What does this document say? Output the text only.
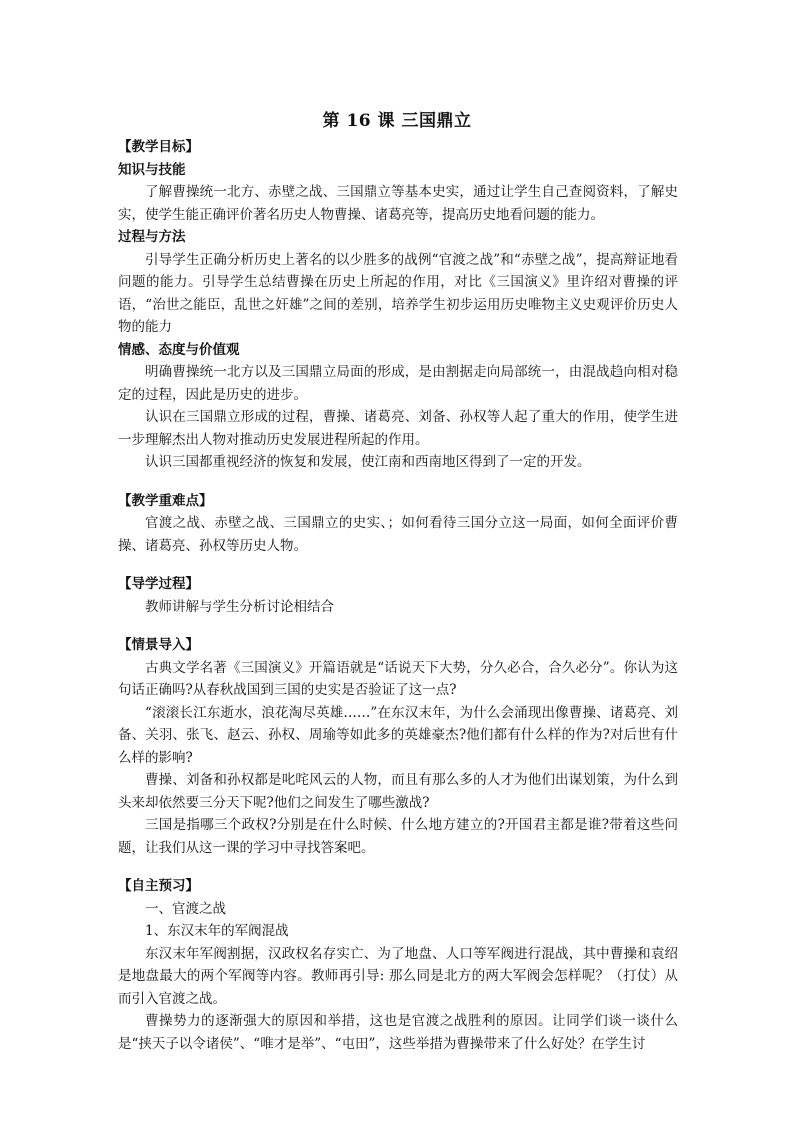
第 16 课 三国鼎立

【教学目标】

知识与技能

了解曹操统一北方、赤壁之战、三国鼎立等基本史实，通过让学生自己查阅资料，了解史实，使学生能正确评价著名历史人物曹操、诸葛亮等，提高历史地看问题的能力。

过程与方法

引导学生正确分析历史上著名的以少胜多的战例“官渡之战”和“赤壁之战”，提高辩证地看问题的能力。引导学生总结曹操在历史上所起的作用，对比《三国演义》里许绍对曹操的评语，“治世之能臣，乱世之奸雄”之间的差别，培养学生初步运用历史唯物主义史观评价历史人物的能力

情感、态度与价值观

明确曹操统一北方以及三国鼎立局面的形成，是由割据走向局部统一，由混战趋向相对稳定的过程，因此是历史的进步。

认识在三国鼎立形成的过程，曹操、诸葛亮、刘备、孙权等人起了重大的作用，使学生进一步理解杰出人物对推动历史发展进程所起的作用。

认识三国都重视经济的恢复和发展，使江南和西南地区得到了一定的开发。

【教学重难点】

官渡之战、赤壁之战、三国鼎立的史实、；如何看待三国分立这一局面，如何全面评价曹操、诸葛亮、孙权等历史人物。

【导学过程】

教师讲解与学生分析讨论相结合

【情景导入】

古典文学名著《三国演义》开篇语就是“话说天下大势，分久必合，合久必分”。你认为这句话正确吗?从春秋战国到三国的史实是否验证了这一点?

“滚滚长江东逝水，浪花淘尽英雄……”在东汉末年，为什么会涌现出像曹操、诸葛亮、刘备、关羽、张飞、赵云、孙权、周瑜等如此多的英雄豪杰?他们都有什么样的作为?对后世有什么样的影响?

曹操、刘备和孙权都是叱咤风云的人物，而且有那么多的人才为他们出谋划策，为什么到头来却依然要三分天下呢?他们之间发生了哪些激战?

三国是指哪三个政权?分别是在什么时候、什么地方建立的?开国君主都是谁?带着这些问题，让我们从这一课的学习中寻找答案吧。

【自主预习】

一、官渡之战

1、东汉末年的军阀混战

东汉末年军阀割据，汉政权名存实亡、为了地盘、人口等军阀进行混战，其中曹操和袁绍是地盘最大的两个军阀等内容。教师再引导: 那么同是北方的两大军阀会怎样呢？（打仗）从而引入官渡之战。

曹操势力的逐渐强大的原因和举措，这也是官渡之战胜利的原因。让同学们谈一谈什么是“挟天子以令诸侯”、“唯才是举”、“屯田”，这些举措为曹操带来了什么好处？在学生讨
